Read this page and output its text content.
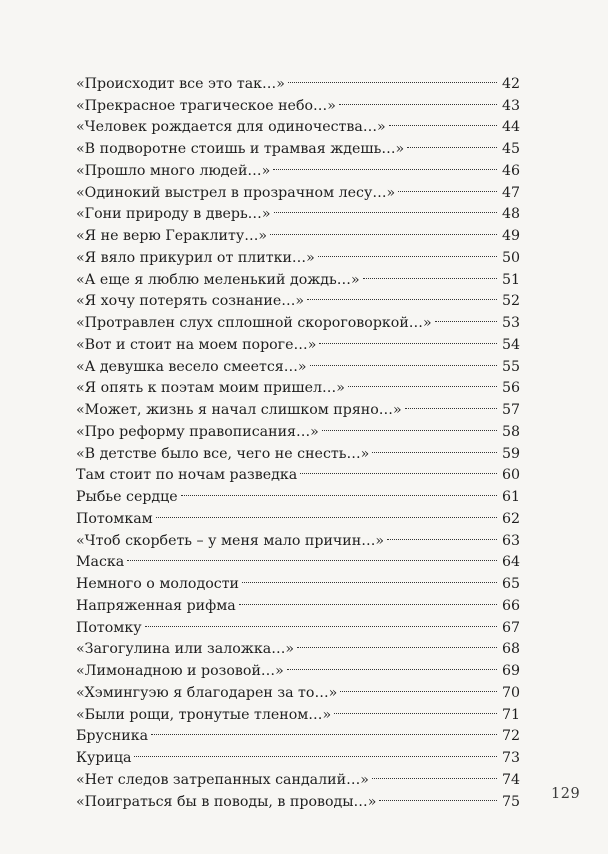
«Происходит все это так…»	42
«Прекрасное трагическое небо…»	43
«Человек рождается для одиночества…»	44
«В подворотне стоишь и трамвая ждешь…»	45
«Прошло много людей…»	46
«Одинокий выстрел в прозрачном лесу…»	47
«Гони природу в дверь…»	48
«Я не верю Гераклиту…»	49
«Я вяло прикурил от плитки…»	50
«А еще я люблю меленький дождь…»	51
«Я хочу потерять сознание…»	52
«Протравлен слух сплошной скороговоркой…»	53
«Вот и стоит на моем пороге…»	54
«А девушка весело смеется…»	55
«Я опять к поэтам моим пришел…»	56
«Может, жизнь я начал слишком пряно…»	57
«Про реформу правописания…»	58
«В детстве было все, чего не снесть…»	59
Там стоит по ночам разведка	60
Рыбье сердце	61
Потомкам	62
«Чтоб скорбеть – у меня мало причин…»	63
Маска	64
Немного о молодости	65
Напряженная рифма	66
Потомку	67
«Загогулина или заложка…»	68
«Лимонадною и розовой…»	69
«Хэмингуэю я благодарен за то…»	70
«Были рощи, тронутые тленом…»	71
Брусника	72
Курица	73
«Нет следов затрепанных сандалий…»	74
«Поиграться бы в поводы, в проводы…»	75 129
